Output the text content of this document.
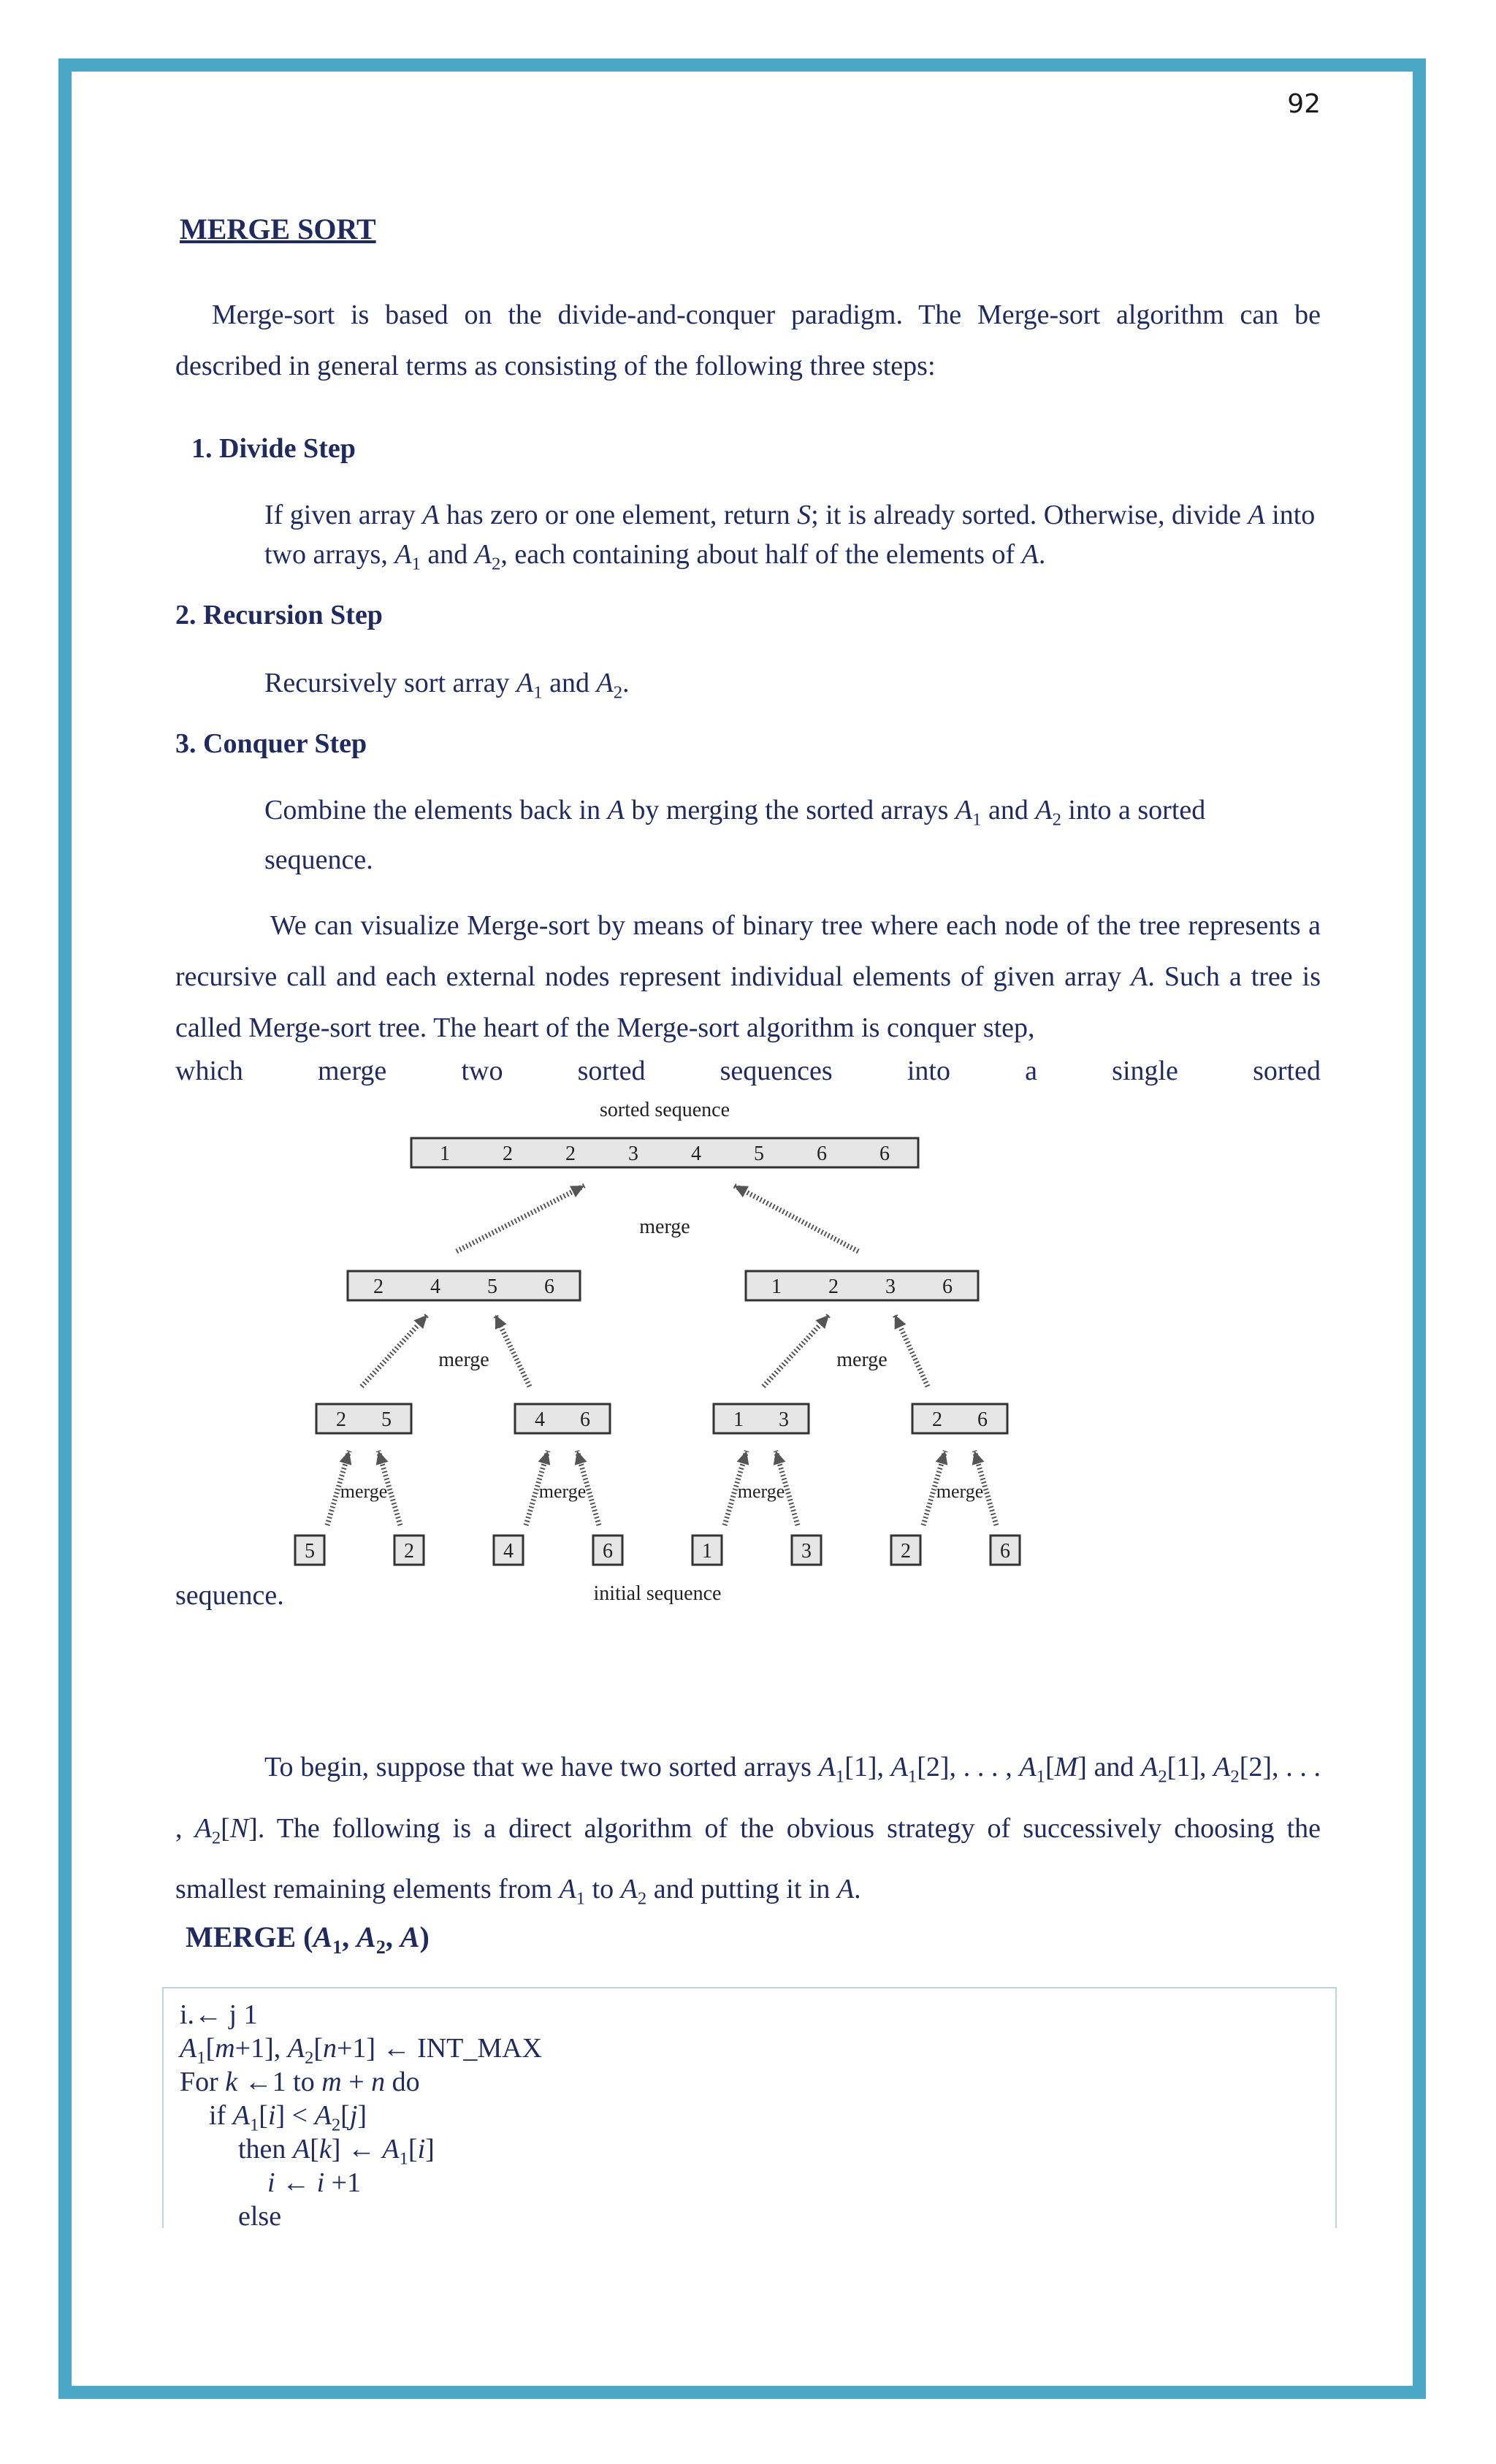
92
MERGE SORT
Merge-sort is based on the divide-and-conquer paradigm. The Merge-sort algorithm can be described in general terms as consisting of the following three steps:
1. Divide Step
If given array A has zero or one element, return S; it is already sorted. Otherwise, divide A into two arrays, $A_1$ and $A_2$, each containing about half of the elements of A.
2. Recursion Step
Recursively sort array $A_1$ and $A_2$.
3. Conquer Step
Combine the elements back in A by merging the sorted arrays $A_1$ and $A_2$ into a sorted sequence.
We can visualize Merge-sort by means of binary tree where each node of the tree represents a recursive call and each external nodes represent individual elements of given array A. Such a tree is called Merge-sort tree. The heart of the Merge-sort algorithm is conquer step,
which	merge	two	sorted	sequences	into	a	single	sorted
sorted sequence
1	2	2	3	4	5	6	6
merge
2 4 5 6	1 2 3 6
merge	merge
2 5	4 6	1 3	2 6
merge	merge	merge	merge
5	2	4	6	1	3	2	6
initial sequence
sequence.
To begin, suppose that we have two sorted arrays $A_1[1]$, $A_1[2]$, . . . , $A_1[M]$ and $A_2[1]$, $A_2[2]$, . . . , $A_2[N]$. The following is a direct algorithm of the obvious strategy of successively choosing the smallest remaining elements from $A_1$ to $A_2$ and putting it in A.
MERGE ($A_1$, $A_2$, A)
i.← j 1
$A_1[m+1]$, $A_2[n+1]$ ← INT_MAX
For k ←1 to m + n do
if $A_1[i] < A_2[j]$
then A[k] ← $A_1[i]$
i ← i +1
else
